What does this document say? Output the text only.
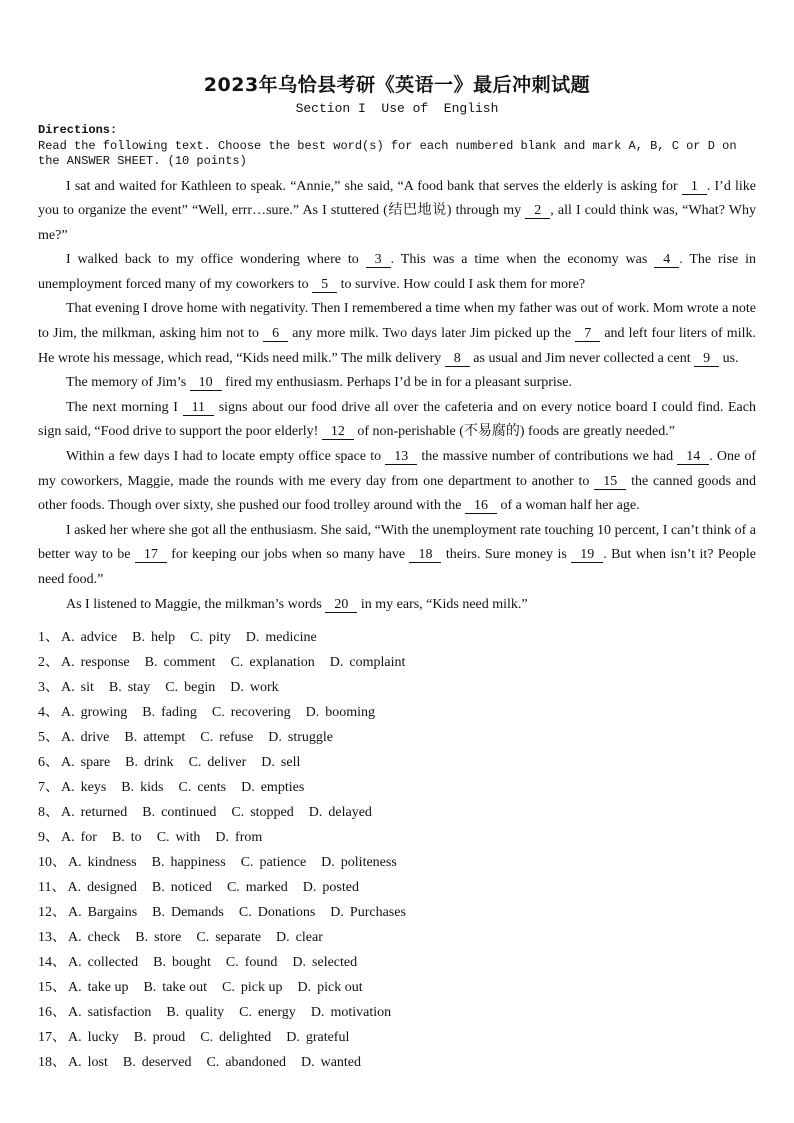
2023年乌恰县考研《英语一》最后冲刺试题
Section I  Use of  English
Directions:
Read the following text. Choose the best word(s) for each numbered blank and mark A, B, C or D on the ANSWER SHEET. (10 points)

I sat and waited for Kathleen to speak. “Annie,” she said, “A food bank that serves the elderly is asking for 1 . I’d like you to organize the event” “Well, errr…sure.” As I stuttered (结巴地说) through my 2 , all I could think was, “What? Why me?”

I walked back to my office wondering where to 3 . This was a time when the economy was 4 . The rise in unemployment forced many of my coworkers to 5 to survive. How could I ask them for more?

That evening I drove home with negativity. Then I remembered a time when my father was out of work. Mom wrote a note to Jim, the milkman, asking him not to 6 any more milk. Two days later Jim picked up the 7 and left four liters of milk. He wrote his message, which read, “Kids need milk.” The milk delivery 8 as usual and Jim never collected a cent 9 us.

The memory of Jim’s 10 fired my enthusiasm. Perhaps I’d be in for a pleasant surprise.

The next morning I 11 signs about our food drive all over the cafeteria and on every notice board I could find. Each sign said, “Food drive to support the poor elderly! 12 of non-perishable (不易腐的) foods are greatly needed.”

Within a few days I had to locate empty office space to 13 the massive number of contributions we had 14 . One of my coworkers, Maggie, made the rounds with me every day from one department to another to 15 the canned goods and other foods. Though over sixty, she pushed our food trolley around with the 16 of a woman half her age.

I asked her where she got all the enthusiasm. She said, “With the unemployment rate touching 10 percent, I can’t think of a better way to be 17 for keeping our jobs when so many have 18 theirs. Sure money is 19 . But when isn’t it? People need food.”

As I listened to Maggie, the milkman’s words 20 in my ears, “Kids need milk.”

1、 A. advice B. help C. pity D. medicine
2、 A. response B. comment C. explanation D. complaint
3、 A. sit B. stay C. begin D. work
4、 A. growing B. fading C. recovering D. booming
5、 A. drive B. attempt C. refuse D. struggle
6、 A. spare B. drink C. deliver D. sell
7、 A. keys B. kids C. cents D. empties
8、 A. returned B. continued C. stopped D. delayed
9、 A. for B. to C. with D. from
10、 A. kindness B. happiness C. patience D. politeness
11、 A. designed B. noticed C. marked D. posted
12、 A. Bargains B. Demands C. Donations D. Purchases
13、 A. check B. store C. separate D. clear
14、 A. collected B. bought C. found D. selected
15、 A. take up B. take out C. pick up D. pick out
16、 A. satisfaction B. quality C. energy D. motivation
17、 A. lucky B. proud C. delighted D. grateful
18、 A. lost B. deserved C. abandoned D. wanted
